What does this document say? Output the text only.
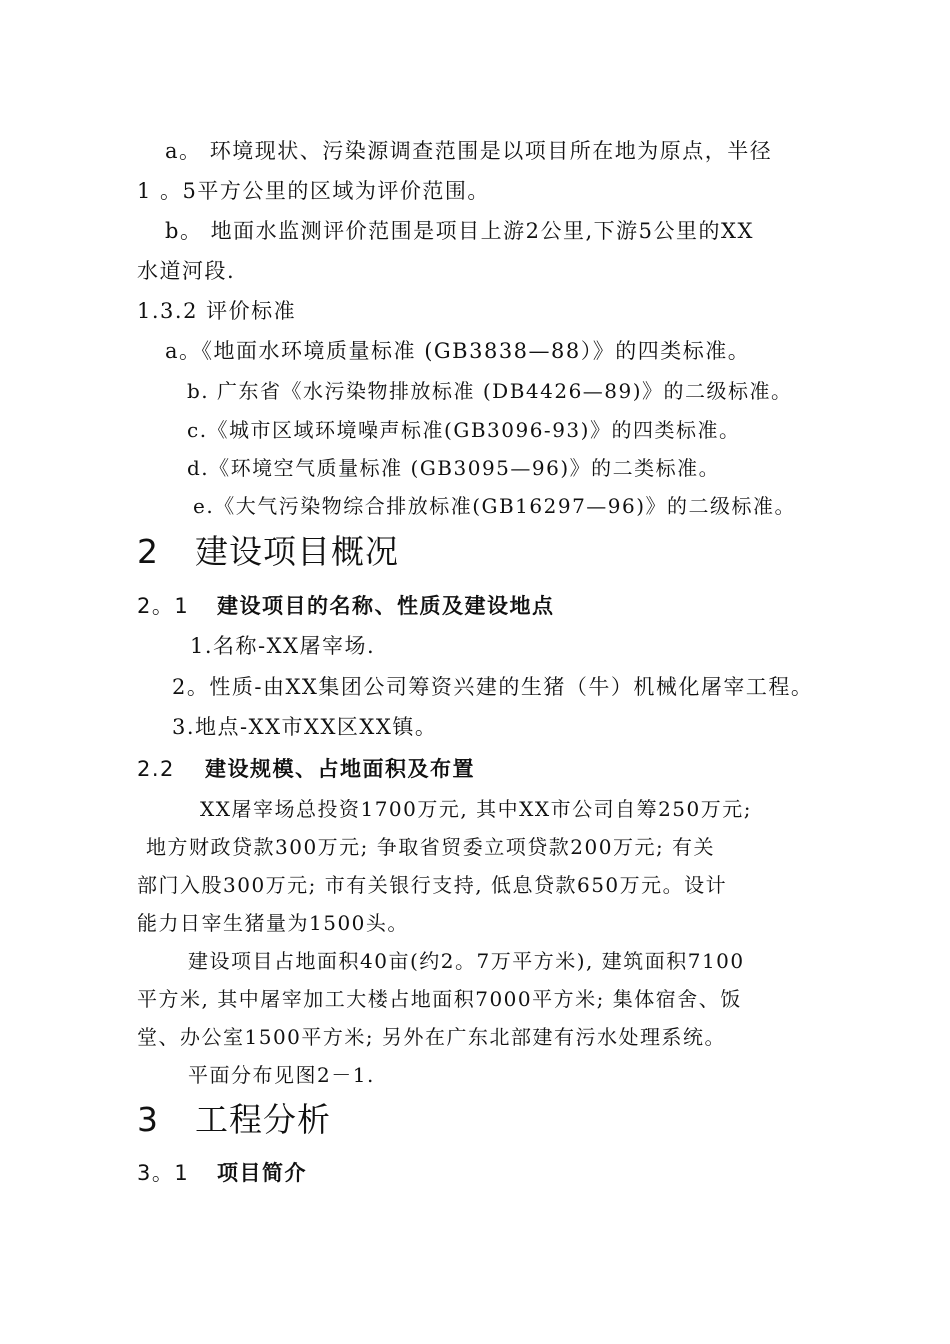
a。 环境现状、污染源调查范围是以项目所在地为原点，半径
1 。5平方公里的区域为评价范围。
b。 地面水监测评价范围是项目上游2公里,下游5公里的XX
水道河段.
1.3.2 评价标准
a。《地面水环境质量标准 (GB3838—88）》的四类标准。
b. 广东省《水污染物排放标准 (DB4426—89)》的二级标准。
c.《城市区域环境噪声标准(GB3096-93)》的四类标准。
d.《环境空气质量标准 (GB3095—96)》的二类标准。
e.《大气污染物综合排放标准(GB16297—96)》的二级标准。
2 建设项目概况
2。1 建设项目的名称、性质及建设地点
1.名称-XX屠宰场.
2。性质-由XX集团公司筹资兴建的生猪（牛）机械化屠宰工程。
3.地点-XX市XX区XX镇。
2.2 建设规模、占地面积及布置
XX屠宰场总投资1700万元, 其中XX市公司自筹250万元;
地方财政贷款300万元; 争取省贸委立项贷款200万元; 有关
部门入股300万元; 市有关银行支持, 低息贷款650万元。设计
能力日宰生猪量为1500头。
建设项目占地面积40亩(约2。7万平方米), 建筑面积7100
平方米, 其中屠宰加工大楼占地面积7000平方米; 集体宿舍、饭
堂、办公室1500平方米; 另外在广东北部建有污水处理系统。
平面分布见图2－1.
3 工程分析
3。1 项目简介
